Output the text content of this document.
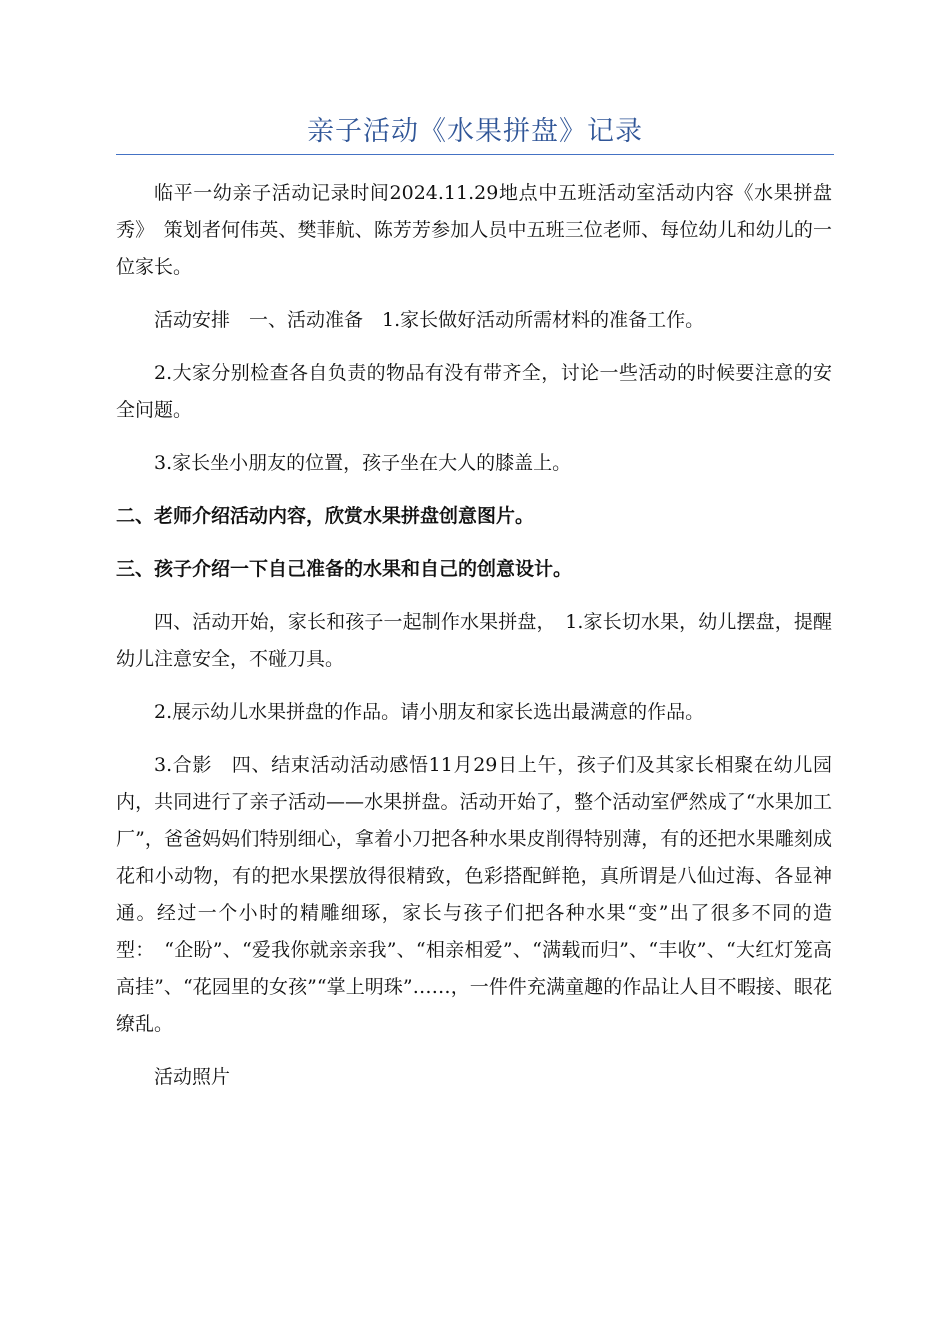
亲子活动《水果拼盘》记录

临平一幼亲子活动记录时间2024.11.29地点中五班活动室活动内容《水果拼盘秀》　策划者何伟英、樊菲航、陈芳芳参加人员中五班三位老师、每位幼儿和幼儿的一位家长。

活动安排　一、活动准备　1.家长做好活动所需材料的准备工作。

2.大家分别检查各自负责的物品有没有带齐全，讨论一些活动的时候要注意的安全问题。

3.家长坐小朋友的位置，孩子坐在大人的膝盖上。

二、老师介绍活动内容，欣赏水果拼盘创意图片。

三、孩子介绍一下自己准备的水果和自己的创意设计。

四、活动开始，家长和孩子一起制作水果拼盘，　1.家长切水果，幼儿摆盘，提醒幼儿注意安全，不碰刀具。

2.展示幼儿水果拼盘的作品。请小朋友和家长选出最满意的作品。

3.合影　四、结束活动活动感悟11月29日上午，孩子们及其家长相聚在幼儿园内，共同进行了亲子活动——水果拼盘。活动开始了，整个活动室俨然成了“水果加工厂”，爸爸妈妈们特别细心，拿着小刀把各种水果皮削得特别薄，有的还把水果雕刻成花和小动物，有的把水果摆放得很精致，色彩搭配鲜艳，真所谓是八仙过海、各显神通。经过一个小时的精雕细琢，家长与孩子们把各种水果“变”出了很多不同的造型：　“企盼”、“爱我你就亲亲我”、“相亲相爱”、“满载而归”、“丰收”、“大红灯笼高高挂”、“花园里的女孩”“掌上明珠”……，一件件充满童趣的作品让人目不暇接、眼花缭乱。

活动照片
